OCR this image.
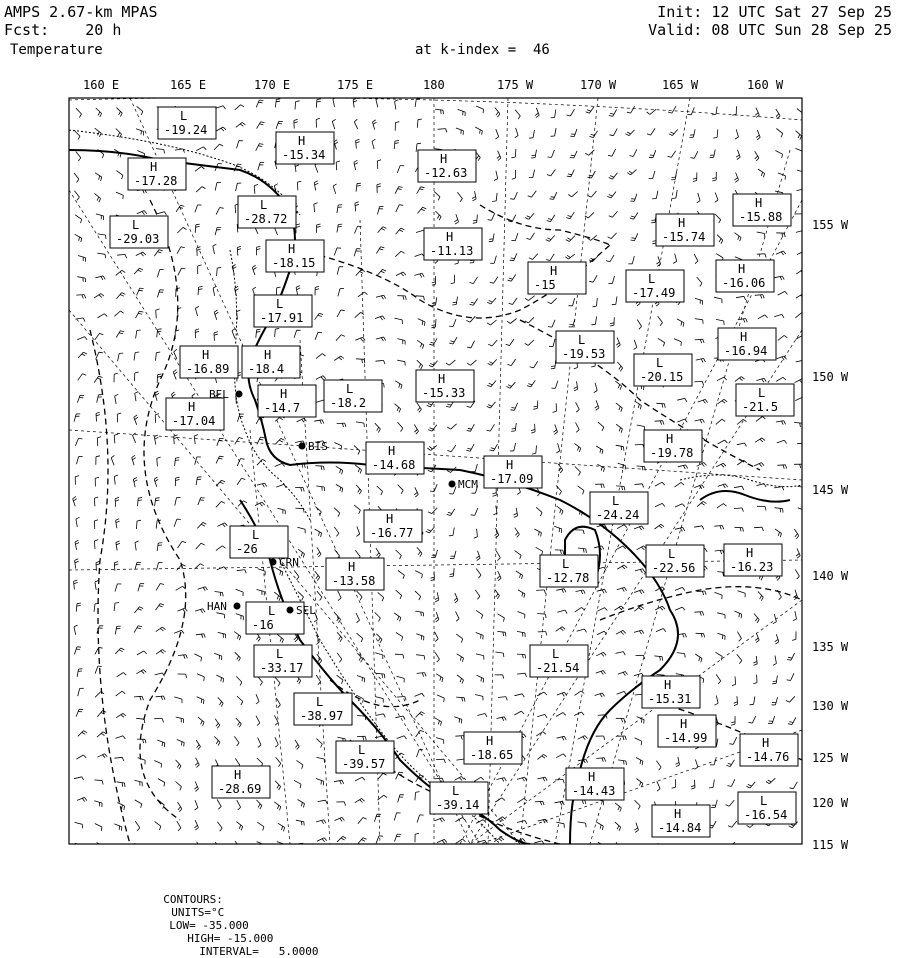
AMPS 2.67-km MPAS
Fcst:    20 h
Temperature
Init: 12 UTC Sat 27 Sep 25
Valid: 08 UTC Sun 28 Sep 25
at k-index =  46
L
-19.24
H
-15.34
H
-17.28
H
-12.63
L
-28.72
L
-29.03	H
-11.13
H
-15.88
H
-15.74
H
-18.15
H
-15	L
-17.49
H
-16.06
L
-17.91
L
-19.53
H
-16.94
H
-16.89
H
-18.4	L
-20.15
H
-14.7
L
-18.2
H
-15.33	L
-21.5
H
-17.04
H
-19.78
H
-14.68	H
-17.09
L
-24.24
H
-16.77
L
-26
L
-12.78
L
-22.56
H
-16.23
H
-13.58
L
-16
L
-21.54
L
-33.17
H
-15.31
L
-38.97
H
-14.99
L
-39.57
H
-18.65
H
-14.76
H
-28.69
H
-14.43
L
-39.14
H
-14.84
L
-16.54
BIS
MCM
CRN
SEL
HAN
BEL
160 E	165 E	170 E	175 E	180	175 W	170 W	165 W	160 W
155 W
150 W
145 W
140 W
135 W
130 W
125 W
120 W
115 W

CONTOURS:
UNITS=°C
LOW= -35.000
HIGH= -15.000
INTERVAL=   5.0000
